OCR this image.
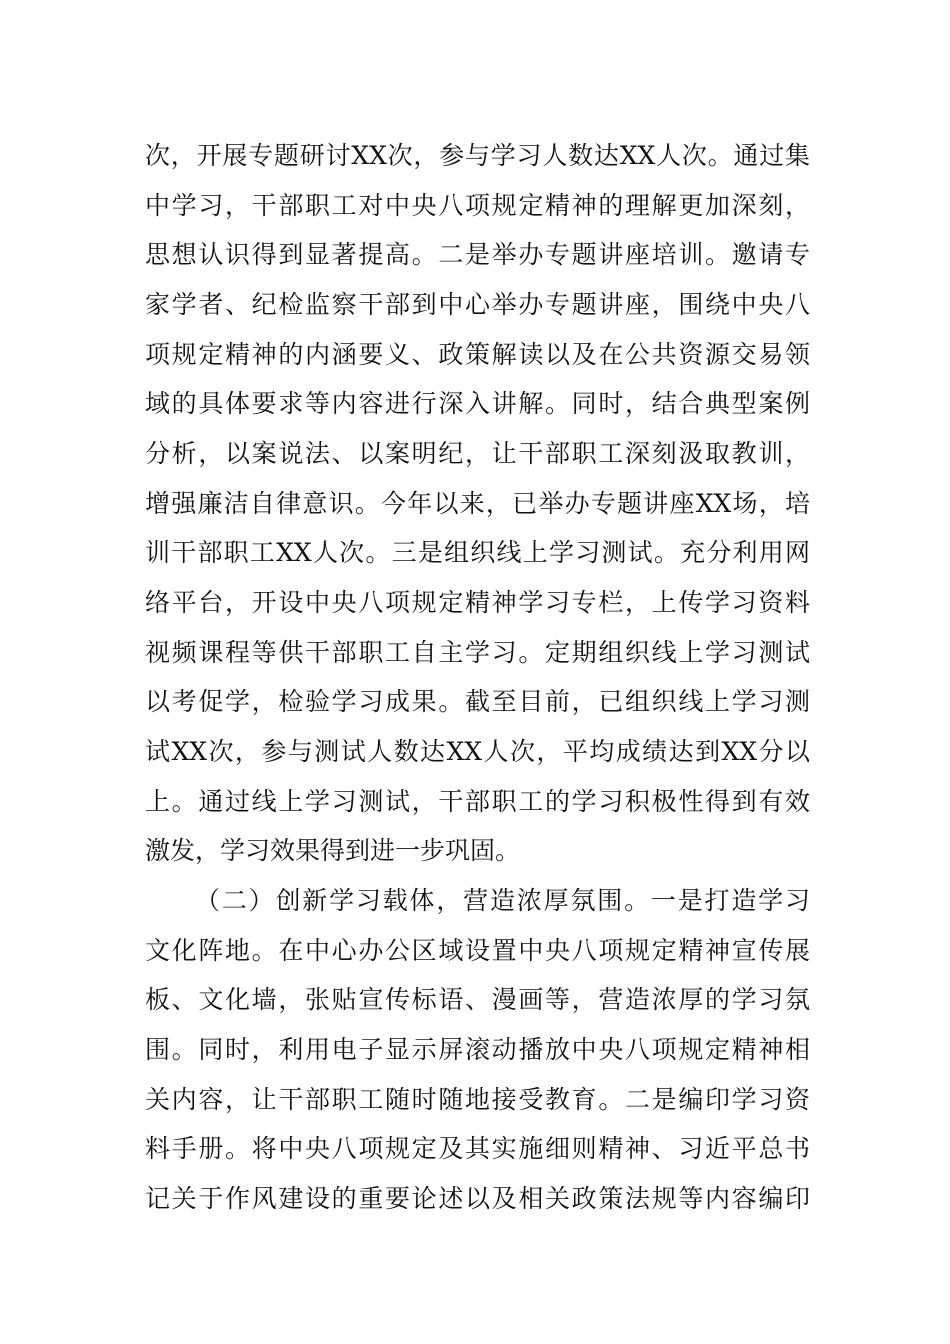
次，开展专题研讨XX次，参与学习人数达XX人次。通过集
中学习，干部职工对中央八项规定精神的理解更加深刻，
思想认识得到显著提高。二是举办专题讲座培训。邀请专
家学者、纪检监察干部到中心举办专题讲座，围绕中央八
项规定精神的内涵要义、政策解读以及在公共资源交易领
域的具体要求等内容进行深入讲解。同时，结合典型案例
分析，以案说法、以案明纪，让干部职工深刻汲取教训，
增强廉洁自律意识。今年以来，已举办专题讲座XX场，培
训干部职工XX人次。三是组织线上学习测试。充分利用网
络平台，开设中央八项规定精神学习专栏，上传学习资料
视频课程等供干部职工自主学习。定期组织线上学习测试
以考促学，检验学习成果。截至目前，已组织线上学习测
试XX次，参与测试人数达XX人次，平均成绩达到XX分以
上。通过线上学习测试，干部职工的学习积极性得到有效
激发，学习效果得到进一步巩固。
（二）创新学习载体，营造浓厚氛围。一是打造学习
文化阵地。在中心办公区域设置中央八项规定精神宣传展
板、文化墙，张贴宣传标语、漫画等，营造浓厚的学习氛
围。同时，利用电子显示屏滚动播放中央八项规定精神相
关内容，让干部职工随时随地接受教育。二是编印学习资
料手册。将中央八项规定及其实施细则精神、习近平总书
记关于作风建设的重要论述以及相关政策法规等内容编印
